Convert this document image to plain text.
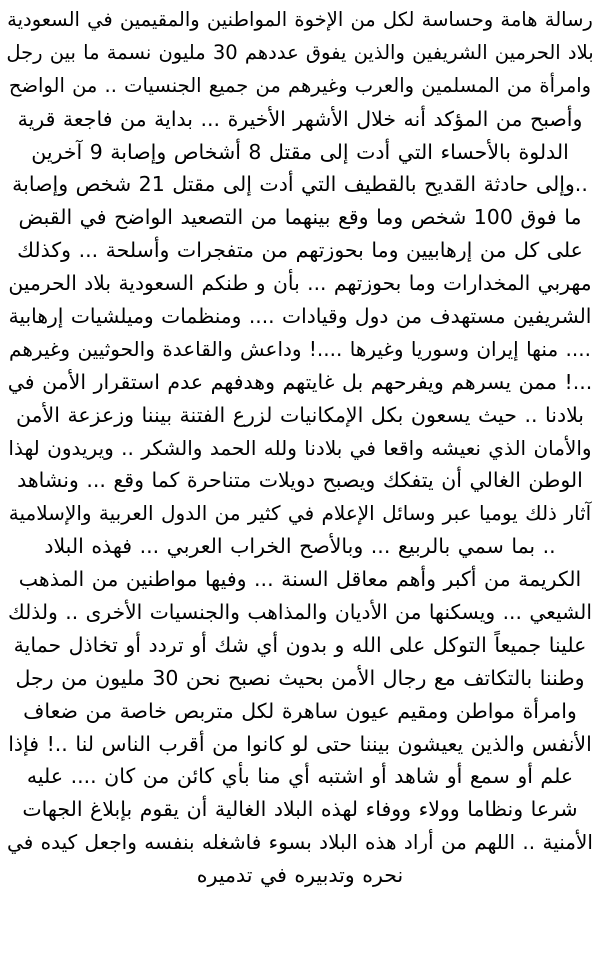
رسالة هامة وحساسة لكل من الإخوة المواطنين والمقيمين في السعودية
بلاد الحرمين الشريفين والذين يفوق عددهم 30 مليون نسمة ما بين رجل
وامرأة من المسلمين والعرب وغيرهم من جميع الجنسيات .. من الواضح
وأصبح من المؤكد أنه خلال الأشهر الأخيرة ... بداية من فاجعة قرية
الدلوة بالأحساء التي أدت إلى مقتل 8 أشخاص وإصابة 9 آخرين
..وإلى حادثة القديح بالقطيف التي أدت إلى مقتل 21 شخص وإصابة
ما فوق 100 شخص وما وقع بينهما من التصعيد الواضح في القبض
على كل من إرهابيين وما بحوزتهم من متفجرات وأسلحة ... وكذلك
مهربي المخدارات وما بحوزتهم ... بأن و طنكم السعودية بلاد الحرمين
الشريفين مستهدف من دول وقيادات .... ومنظمات وميلشيات إرهابية
.... منها إيران وسوريا وغيرها ....! وداعش والقاعدة والحوثيين وغيرهم
...! ممن يسرهم ويفرحهم بل غايتهم وهدفهم عدم استقرار الأمن في
بلادنا .. حيث يسعون بكل الإمكانيات لزرع الفتنة بيننا وزعزعة الأمن
والأمان الذي نعيشه واقعا في بلادنا ولله الحمد والشكر .. ويريدون لهذا
الوطن الغالي أن يتفكك ويصبح دويلات متناحرة كما وقع ... ونشاهد
آثار ذلك يوميا عبر وسائل الإعلام في كثير من الدول العربية والإسلامية
.. بما سمي بالربيع ... وبالأصح الخراب العربي ... فهذه البلاد
الكريمة من أكبر وأهم معاقل السنة ... وفيها مواطنين من المذهب
الشيعي ... ويسكنها من الأديان والمذاهب والجنسيات الأخرى .. ولذلك
علينا جميعاً التوكل على الله و بدون أي شك أو تردد أو تخاذل حماية
وطننا بالتكاتف مع رجال الأمن بحيث نصبح نحن 30 مليون من رجل
وامرأة مواطن ومقيم عيون ساهرة لكل متربص خاصة من ضعاف
الأنفس والذين يعيشون بيننا حتى لو كانوا من أقرب الناس لنا ..! فإذا
علم أو سمع أو شاهد أو اشتبه أي منا بأي كائن من كان .... عليه
شرعا ونظاما وولاء ووفاء لهذه البلاد الغالية أن يقوم بإبلاغ الجهات
الأمنية .. اللهم من أراد هذه البلاد بسوء فاشغله بنفسه واجعل كيده في
نحره وتدبيره في تدميره
